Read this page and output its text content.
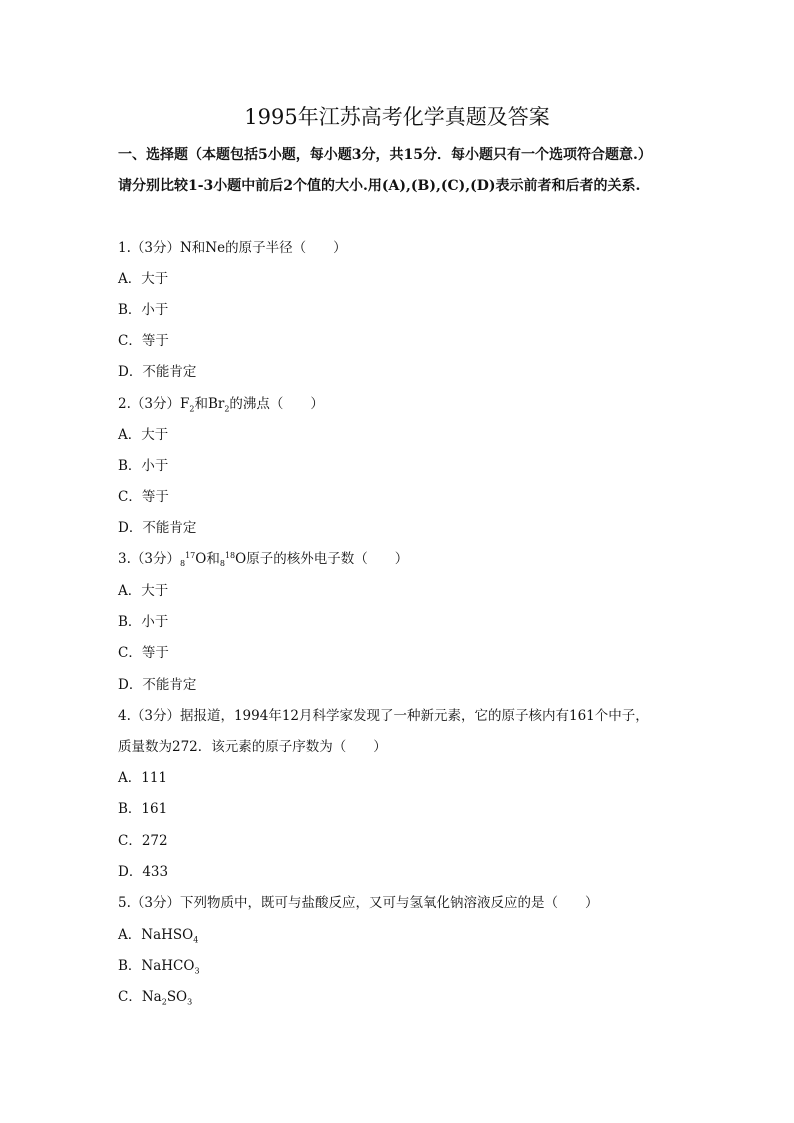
1995年江苏高考化学真题及答案
一、选择题（本题包括5小题，每小题3分，共15分．每小题只有一个选项符合题意.）
请分别比较1-3小题中前后2个值的大小.用(A),(B),(C),(D)表示前者和后者的关系.
1.（3分）N和Ne的原子半径（　　）
A．大于
B．小于
C．等于
D．不能肯定
2.（3分）$F_2$和$Br_2$的沸点（　　）
A．大于
B．小于
C．等于
D．不能肯定
3.（3分）$_8^{17}O$和$_8^{18}$O原子的核外电子数（　　）
A．大于
B．小于
C．等于
D．不能肯定
4.（3分）据报道，1994年12月科学家发现了一种新元素，它的原子核内有161个中子，
质量数为272．该元素的原子序数为（　　）
A．111
B．161
C．272
D．433
5.（3分）下列物质中，既可与盐酸反应，又可与氢氧化钠溶液反应的是（　　）
A．NaHSO$_4$
B．NaHCO$_3$
C．$Na_2SO_3$
